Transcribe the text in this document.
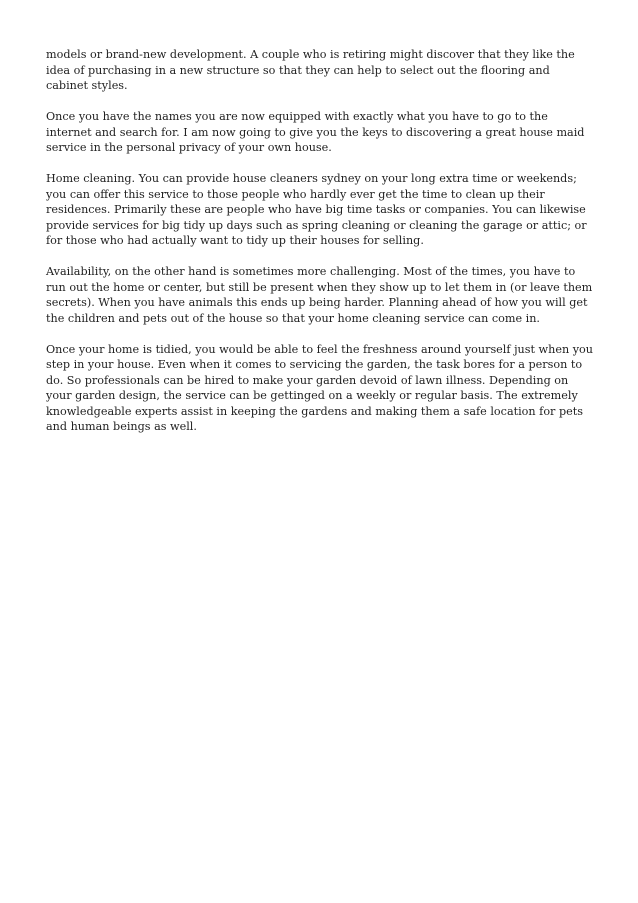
models or brand-new development. A couple who is retiring might discover that they like the idea of purchasing in a new structure so that they can help to select out the flooring and cabinet styles.

Once you have the names you are now equipped with exactly what you have to go to the internet and search for. I am now going to give you the keys to discovering a great house maid service in the personal privacy of your own house.

Home cleaning. You can provide house cleaners sydney on your long extra time or weekends; you can offer this service to those people who hardly ever get the time to clean up their residences. Primarily these are people who have big time tasks or companies. You can likewise provide services for big tidy up days such as spring cleaning or cleaning the garage or attic; or for those who had actually want to tidy up their houses for selling.

Availability, on the other hand is sometimes more challenging. Most of the times, you have to run out the home or center, but still be present when they show up to let them in (or leave them secrets). When you have animals this ends up being harder. Planning ahead of how you will get the children and pets out of the house so that your home cleaning service can come in.

Once your home is tidied, you would be able to feel the freshness around yourself just when you step in your house. Even when it comes to servicing the garden, the task bores for a person to do. So professionals can be hired to make your garden devoid of lawn illness. Depending on your garden design, the service can be gettinged on a weekly or regular basis. The extremely knowledgeable experts assist in keeping the gardens and making them a safe location for pets and human beings as well.
